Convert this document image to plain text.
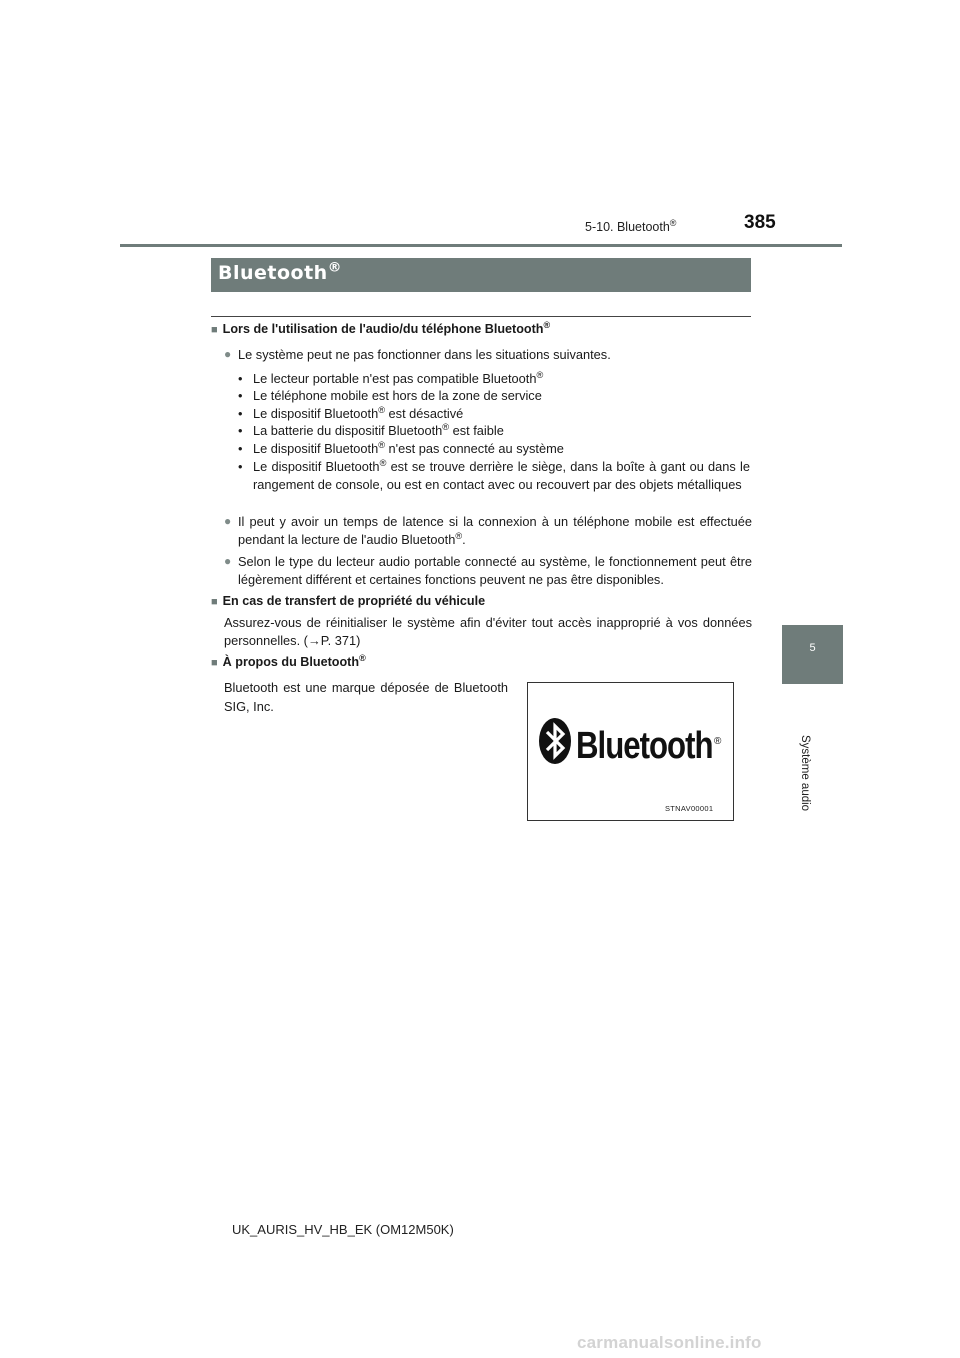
5-10. Bluetooth®	385
5
Système audio
Bluetooth®
■ Lors de l'utilisation de l'audio/du téléphone Bluetooth®
● Le système peut ne pas fonctionner dans les situations suivantes.
• Le lecteur portable n'est pas compatible Bluetooth®
• Le téléphone mobile est hors de la zone de service
• Le dispositif Bluetooth® est désactivé
• La batterie du dispositif Bluetooth® est faible
• Le dispositif Bluetooth® n'est pas connecté au système
• Le dispositif Bluetooth® est se trouve derrière le siège, dans la boîte à gant ou dans le rangement de console, ou est en contact avec ou recouvert par des objets métalliques
● Il peut y avoir un temps de latence si la connexion à un téléphone mobile est effectuée pendant la lecture de l'audio Bluetooth®.
● Selon le type du lecteur audio portable connecté au système, le fonctionnement peut être légèrement différent et certaines fonctions peuvent ne pas être disponibles.
■ En cas de transfert de propriété du véhicule
Assurez-vous de réinitialiser le système afin d'éviter tout accès inapproprié à vos données personnelles. (→P. 371)
■ À propos du Bluetooth®
Bluetooth est une marque déposée de Bluetooth SIG, Inc.
Bluetooth ®
STNAV00001
UK_AURIS_HV_HB_EK (OM12M50K)
carmanualsonline.info
